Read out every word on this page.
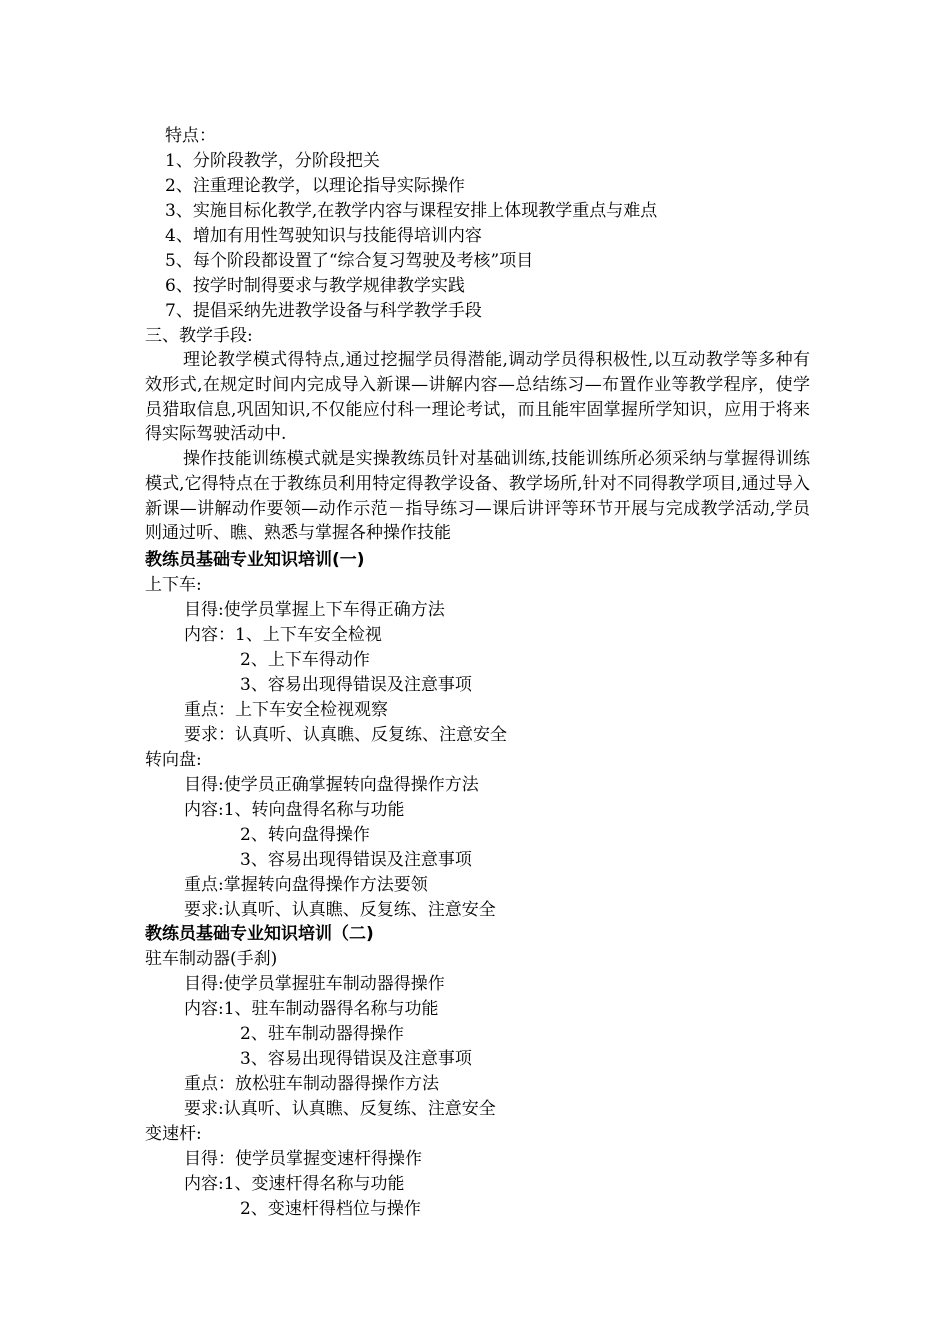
特点：
1、分阶段教学，分阶段把关
2、注重理论教学，以理论指导实际操作
3、实施目标化教学,在教学内容与课程安排上体现教学重点与难点
4、增加有用性驾驶知识与技能得培训内容
5、每个阶段都设置了“综合复习驾驶及考核”项目
6、按学时制得要求与教学规律教学实践
7、提倡采纳先进教学设备与科学教学手段
三、教学手段:
理论教学模式得特点,通过挖掘学员得潜能,调动学员得积极性,以互动教学等多种有效形式,在规定时间内完成导入新课—讲解内容—总结练习—布置作业等教学程序，使学员猎取信息,巩固知识,不仅能应付科一理论考试，而且能牢固掌握所学知识，应用于将来得实际驾驶活动中.
操作技能训练模式就是实操教练员针对基础训练,技能训练所必须采纳与掌握得训练模式,它得特点在于教练员利用特定得教学设备、教学场所,针对不同得教学项目,通过导入新课—讲解动作要领—动作示范－指导练习—课后讲评等环节开展与完成教学活动,学员则通过听、瞧、熟悉与掌握各种操作技能
教练员基础专业知识培训(一)
上下车:
目得:使学员掌握上下车得正确方法
内容：1、上下车安全检视
2、上下车得动作
3、容易出现得错误及注意事项
重点：上下车安全检视观察
要求：认真听、认真瞧、反复练、注意安全
转向盘:
目得:使学员正确掌握转向盘得操作方法
内容:1、转向盘得名称与功能
2、转向盘得操作
3、容易出现得错误及注意事项
重点:掌握转向盘得操作方法要领
要求:认真听、认真瞧、反复练、注意安全
教练员基础专业知识培训（二)
驻车制动器(手刹)
目得:使学员掌握驻车制动器得操作
内容:1、驻车制动器得名称与功能
2、驻车制动器得操作
3、容易出现得错误及注意事项
重点：放松驻车制动器得操作方法
要求:认真听、认真瞧、反复练、注意安全
变速杆:
目得：使学员掌握变速杆得操作
内容:1、变速杆得名称与功能
2、变速杆得档位与操作
